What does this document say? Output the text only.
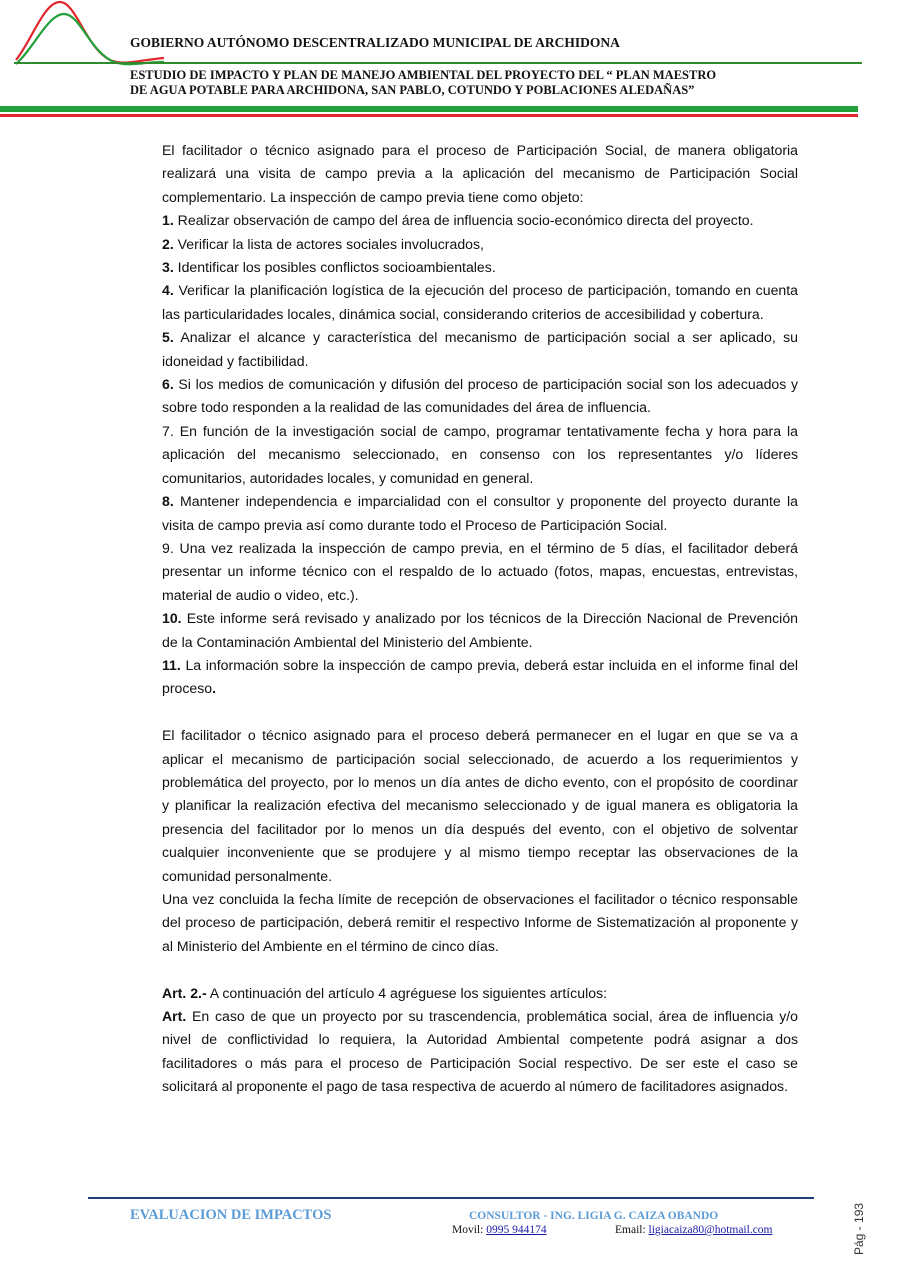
GOBIERNO AUTÓNOMO DESCENTRALIZADO MUNICIPAL DE ARCHIDONA
ESTUDIO DE IMPACTO Y PLAN DE MANEJO AMBIENTAL DEL PROYECTO DEL “ PLAN MAESTRO
DE AGUA POTABLE PARA ARCHIDONA, SAN PABLO, COTUNDO Y POBLACIONES ALEDAÑAS”

El facilitador o técnico asignado para el proceso de Participación Social, de manera obligatoria realizará una visita de campo previa a la aplicación del mecanismo de Participación Social complementario. La inspección de campo previa tiene como objeto:

1. Realizar observación de campo del área de influencia socio-económico directa del proyecto.

2. Verificar la lista de actores sociales involucrados,

3. Identificar los posibles conflictos socioambientales.

4. Verificar la planificación logística de la ejecución del proceso de participación, tomando en cuenta las particularidades locales, dinámica social, considerando criterios de accesibilidad y cobertura.

5. Analizar el alcance y característica del mecanismo de participación social a ser aplicado, su idoneidad y factibilidad.

6. Si los medios de comunicación y difusión del proceso de participación social son los adecuados y sobre todo responden a la realidad de las comunidades del área de influencia.

7. En función de la investigación social de campo, programar tentativamente fecha y hora para la aplicación del mecanismo seleccionado, en consenso con los representantes y/o líderes comunitarios, autoridades locales, y comunidad en general.

8. Mantener independencia e imparcialidad con el consultor y proponente del proyecto durante la visita de campo previa así como durante todo el Proceso de Participación Social.

9. Una vez realizada la inspección de campo previa, en el término de 5 días, el facilitador deberá presentar un informe técnico con el respaldo de lo actuado (fotos, mapas, encuestas, entrevistas, material de audio o video, etc.).

10. Este informe será revisado y analizado por los técnicos de la Dirección Nacional de Prevención de la Contaminación Ambiental del Ministerio del Ambiente.

11. La información sobre la inspección de campo previa, deberá estar incluida en el informe final del proceso.

El facilitador o técnico asignado para el proceso deberá permanecer en el lugar en que se va a aplicar el mecanismo de participación social seleccionado, de acuerdo a los requerimientos y problemática del proyecto, por lo menos un día antes de dicho evento, con el propósito de coordinar y planificar la realización efectiva del mecanismo seleccionado y de igual manera es obligatoria la presencia del facilitador por lo menos un día después del evento, con el objetivo de solventar cualquier inconveniente que se produjere y al mismo tiempo receptar las observaciones de la comunidad personalmente.

Una vez concluida la fecha límite de recepción de observaciones el facilitador o técnico responsable del proceso de participación, deberá remitir el respectivo Informe de Sistematización al proponente y al Ministerio del Ambiente en el término de cinco días.

Art. 2.- A continuación del artículo 4 agréguese los siguientes artículos:

Art. En caso de que un proyecto por su trascendencia, problemática social, área de influencia y/o nivel de conflictividad lo requiera, la Autoridad Ambiental competente podrá asignar a dos facilitadores o más para el proceso de Participación Social respectivo. De ser este el caso se solicitará al proponente el pago de tasa respectiva de acuerdo al número de facilitadores asignados.

EVALUACION DE IMPACTOS	CONSULTOR - ING. LIGIA G. CAIZA OBANDO
Movil: 0995 944174	Email: ligiacaiza80@hotmail.com	Pág - 193
